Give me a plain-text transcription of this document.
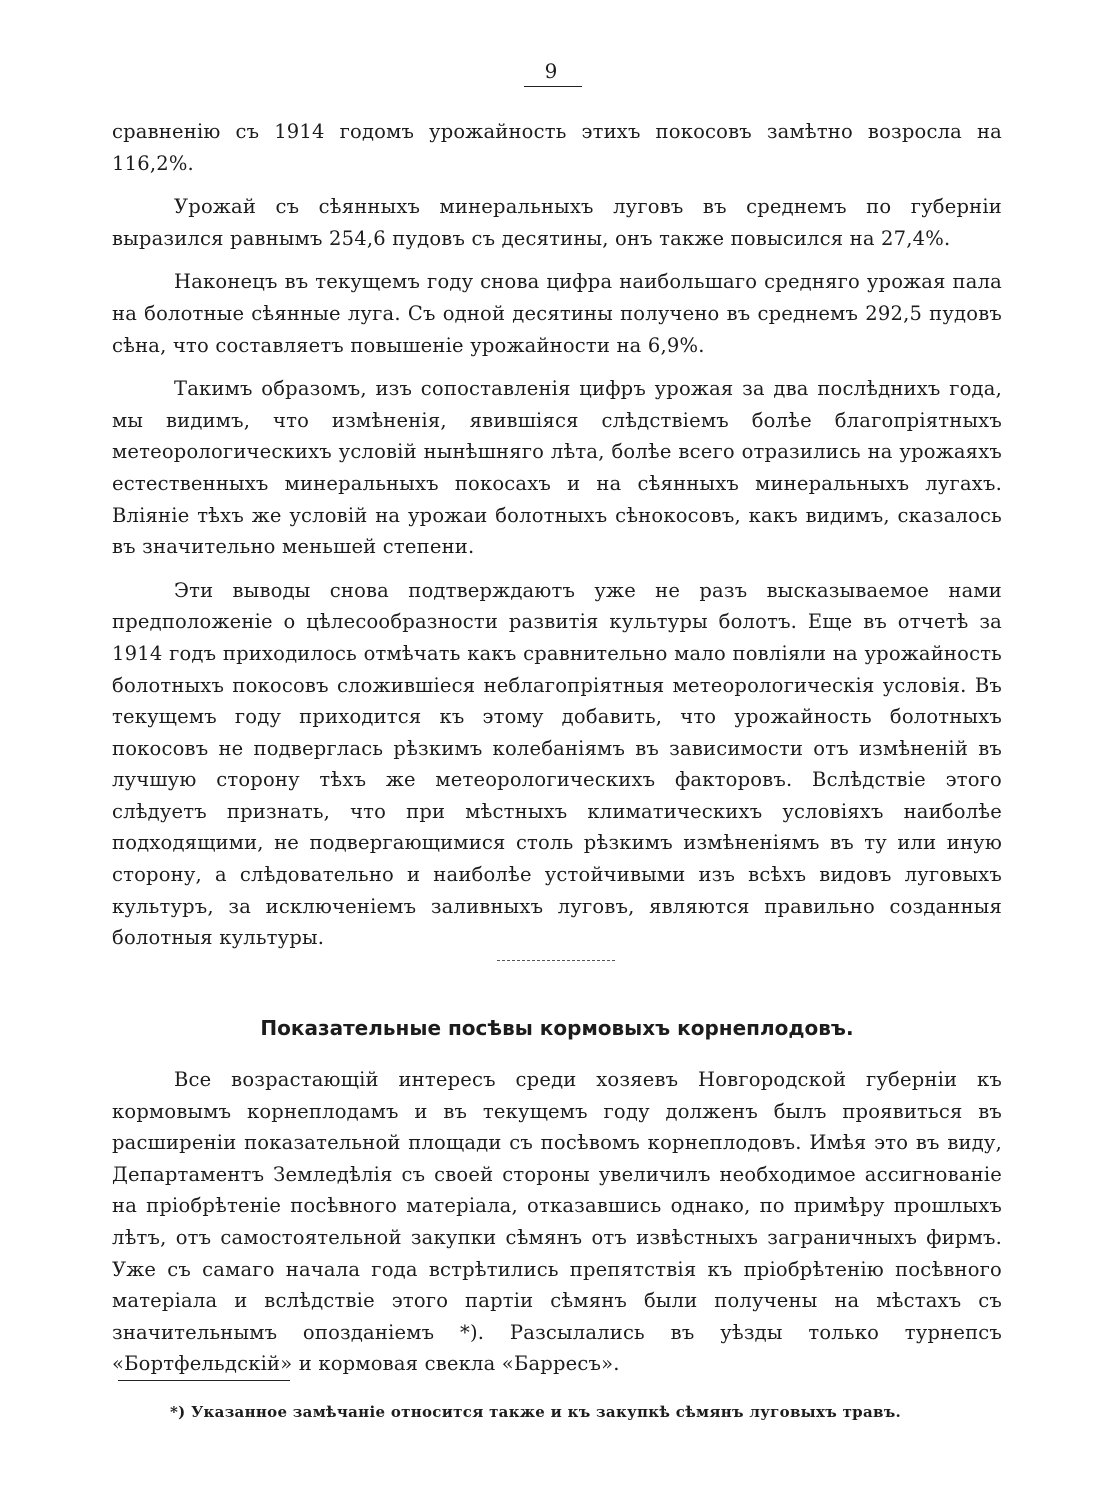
9

сравненію съ 1914 годомъ урожайность этихъ покосовъ замѣтно возросла на 116,2%.

Урожай съ сѣянныхъ минеральныхъ луговъ въ среднемъ по губерніи выразился равнымъ 254,6 пудовъ съ десятины, онъ также повысился на 27,4%.

Наконецъ въ текущемъ году снова цифра наибольшаго средняго урожая пала на болотные сѣянные луга. Съ одной десятины получено въ среднемъ 292,5 пудовъ сѣна, что составляетъ повышеніе урожайности на 6,9%.

Такимъ образомъ, изъ сопоставленія цифръ урожая за два послѣднихъ года, мы видимъ, что измѣненія, явившіяся слѣдствіемъ болѣе благопріятныхъ метеорологическихъ условій нынѣшняго лѣта, болѣе всего отразились на урожаяхъ естественныхъ минеральныхъ покосахъ и на сѣянныхъ минеральныхъ лугахъ. Вліяніе тѣхъ же условій на урожаи болотныхъ сѣнокосовъ, какъ видимъ, сказалось въ значительно меньшей степени.

Эти выводы снова подтверждаютъ уже не разъ высказываемое нами предположеніе о цѣлесообразности развитія культуры болотъ. Еще въ отчетѣ за 1914 годъ приходилось отмѣчать какъ сравнительно мало повліяли на урожайность болотныхъ покосовъ сложившіеся неблагопріятныя метеорологическія условія. Въ текущемъ году приходится къ этому добавить, что урожайность болотныхъ покосовъ не подверглась рѣзкимъ колебаніямъ въ зависимости отъ измѣненій въ лучшую сторону тѣхъ же метеорологическихъ факторовъ. Вслѣдствіе этого слѣдуетъ признать, что при мѣстныхъ климатическихъ условіяхъ наиболѣе подходящими, не подвергающимися столь рѣзкимъ измѣненіямъ въ ту или иную сторону, а слѣдовательно и наиболѣе устойчивыми изъ всѣхъ видовъ луговыхъ культуръ, за исключеніемъ заливныхъ луговъ, являются правильно созданныя болотныя культуры.

Показательные посѣвы кормовыхъ корнеплодовъ.

Все возрастающій интересъ среди хозяевъ Новгородской губерніи къ кормовымъ корнеплодамъ и въ текущемъ году долженъ былъ проявиться въ расширеніи показательной площади съ посѣвомъ корнеплодовъ. Имѣя это въ виду, Департаментъ Земледѣлія съ своей стороны увеличилъ необходимое ассигнованіе на пріобрѣтеніе посѣвного матеріала, отказавшись однако, по примѣру прошлыхъ лѣтъ, отъ самостоятельной закупки сѣмянъ отъ извѣстныхъ заграничныхъ фирмъ. Уже съ самаго начала года встрѣтились препятствія къ пріобрѣтенію посѣвного матеріала и вслѣдствіе этого партіи сѣмянъ были получены на мѣстахъ съ значительнымъ опозданіемъ *). Разсылались въ уѣзды только турнепсъ «Бортфельдскій» и кормовая свекла «Барресъ».

*) Указанное замѣчаніе относится также и къ закупкѣ сѣмянъ луговыхъ травъ.
